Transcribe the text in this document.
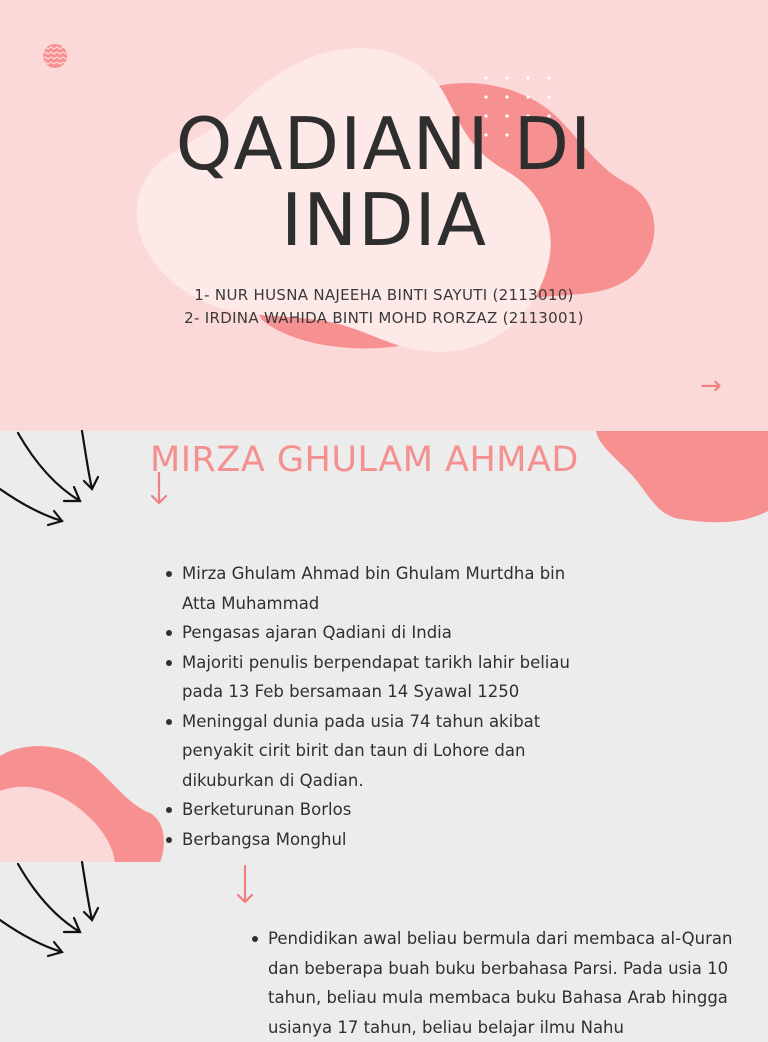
QADIANI DI
INDIA
1- NUR HUSNA NAJEEHA BINTI SAYUTI (2113010)
2- IRDINA WAHIDA BINTI MOHD RORZAZ (2113001)
→
MIRZA GHULAM AHMAD
Mirza Ghulam Ahmad bin Ghulam Murtdha bin Atta Muhammad
Pengasas ajaran Qadiani di India
Majoriti penulis berpendapat tarikh lahir beliau pada 13 Feb bersamaan 14 Syawal 1250
Meninggal dunia pada usia 74 tahun akibat penyakit cirit birit dan taun di Lohore dan dikuburkan di Qadian.
Berketurunan Borlos
Berbangsa Monghul
Pendidikan awal beliau bermula dari membaca al-Quran dan beberapa buah buku berbahasa Parsi. Pada usia 10 tahun, beliau mula membaca buku Bahasa Arab hingga usianya 17 tahun, beliau belajar ilmu Nahu
